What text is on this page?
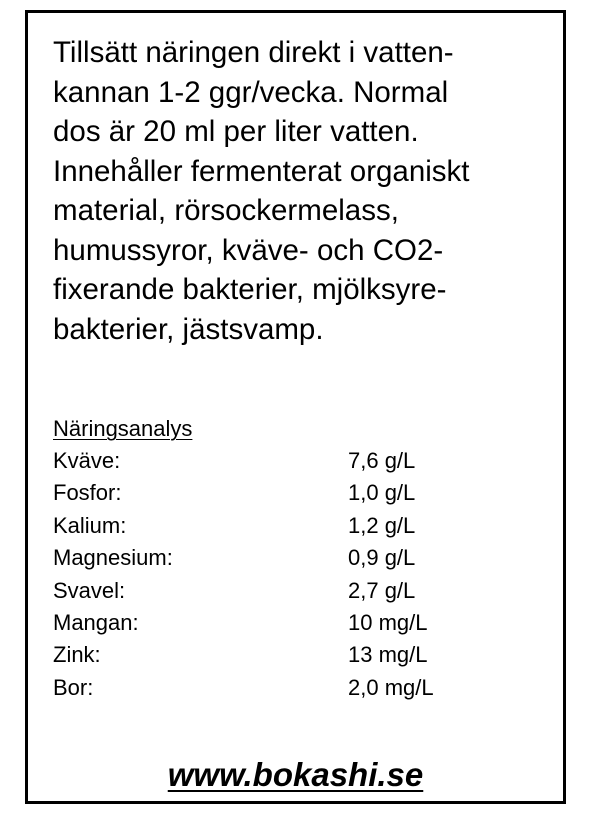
Tillsätt näringen direkt i vatten-
kannan 1-2 ggr/vecka. Normal
dos är 20 ml per liter vatten.
Innehåller fermenterat organiskt
material, rörsockermelass,
humussyror, kväve- och CO2-
fixerande bakterier, mjölksyre-
bakterier, jästsvamp.

Näringsanalys
Kväve:	7,6 g/L
Fosfor:	1,0 g/L
Kalium:	1,2 g/L
Magnesium:	0,9 g/L
Svavel:	2,7 g/L
Mangan:	10 mg/L
Zink:	13 mg/L
Bor:	2,0 mg/L
www.bokashi.se
